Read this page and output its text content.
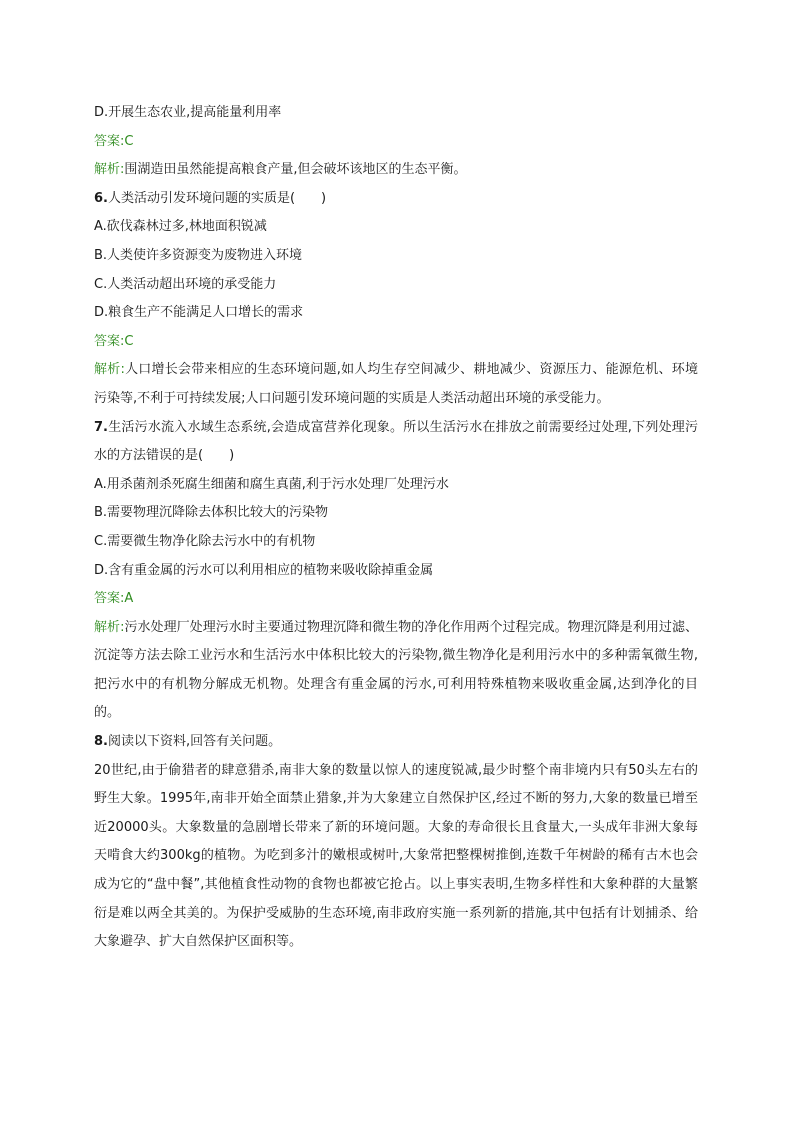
D.开展生态农业,提高能量利用率
答案:C
解析:围湖造田虽然能提高粮食产量,但会破坏该地区的生态平衡。
6.人类活动引发环境问题的实质是(　　)
A.砍伐森林过多,林地面积锐减
B.人类使许多资源变为废物进入环境
C.人类活动超出环境的承受能力
D.粮食生产不能满足人口增长的需求
答案:C
解析:人口增长会带来相应的生态环境问题,如人均生存空间减少、耕地减少、资源压力、能源危机、环境污染等,不利于可持续发展;人口问题引发环境问题的实质是人类活动超出环境的承受能力。
7.生活污水流入水域生态系统,会造成富营养化现象。所以生活污水在排放之前需要经过处理,下列处理污水的方法错误的是(　　)
A.用杀菌剂杀死腐生细菌和腐生真菌,利于污水处理厂处理污水
B.需要物理沉降除去体积比较大的污染物
C.需要微生物净化除去污水中的有机物
D.含有重金属的污水可以利用相应的植物来吸收除掉重金属
答案:A
解析:污水处理厂处理污水时主要通过物理沉降和微生物的净化作用两个过程完成。物理沉降是利用过滤、沉淀等方法去除工业污水和生活污水中体积比较大的污染物,微生物净化是利用污水中的多种需氧微生物,把污水中的有机物分解成无机物。处理含有重金属的污水,可利用特殊植物来吸收重金属,达到净化的目的。
8.阅读以下资料,回答有关问题。
20世纪,由于偷猎者的肆意猎杀,南非大象的数量以惊人的速度锐减,最少时整个南非境内只有50头左右的野生大象。1995年,南非开始全面禁止猎象,并为大象建立自然保护区,经过不断的努力,大象的数量已增至近20000头。大象数量的急剧增长带来了新的环境问题。大象的寿命很长且食量大,一头成年非洲大象每天啃食大约300kg的植物。为吃到多汁的嫩根或树叶,大象常把整棵树推倒,连数千年树龄的稀有古木也会成为它的“盘中餐”,其他植食性动物的食物也都被它抢占。以上事实表明,生物多样性和大象种群的大量繁衍是难以两全其美的。为保护受威胁的生态环境,南非政府实施一系列新的措施,其中包括有计划捕杀、给大象避孕、扩大自然保护区面积等。
